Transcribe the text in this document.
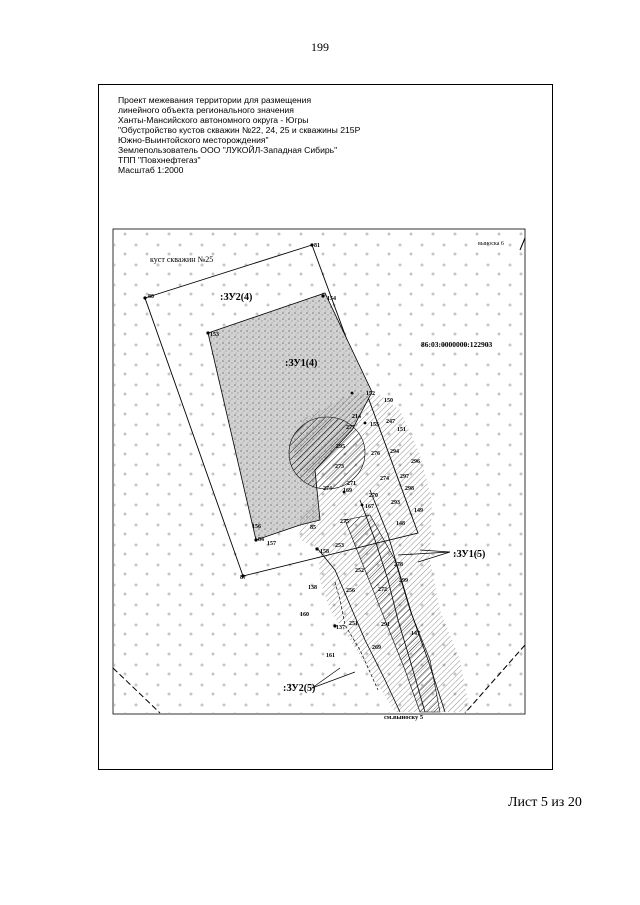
199
Проект межевания территории для размещения
линейного объекта регионального значения
Ханты-Мансийского автономного округа - Югры
"Обустройство кустов скважин №22, 24, 25 и скважины 215Р
Южно-Выинтойского месторождения"
Землепользователь ООО "ЛУКОЙЛ-Западная Сибирь"
ТПП "Повхнефтегаз"
Масштаб 1:2000
выноска 6
куст скважин №25
86:03:0000000:122903
:ЗУ2(4)
:ЗУ1(4)
:ЗУ1(5)
:ЗУ2(5)
см.выноску 5
81
80	154
153
152
150
214
277	155 247
151
294
276
296
295
273
271
274 297
298
270
274 169
293
167
149
275	148
156
84
85
157	253
158
278
252
299
87
138	256	272
160
251	291
137
147
161
269
Лист 5 из 20
